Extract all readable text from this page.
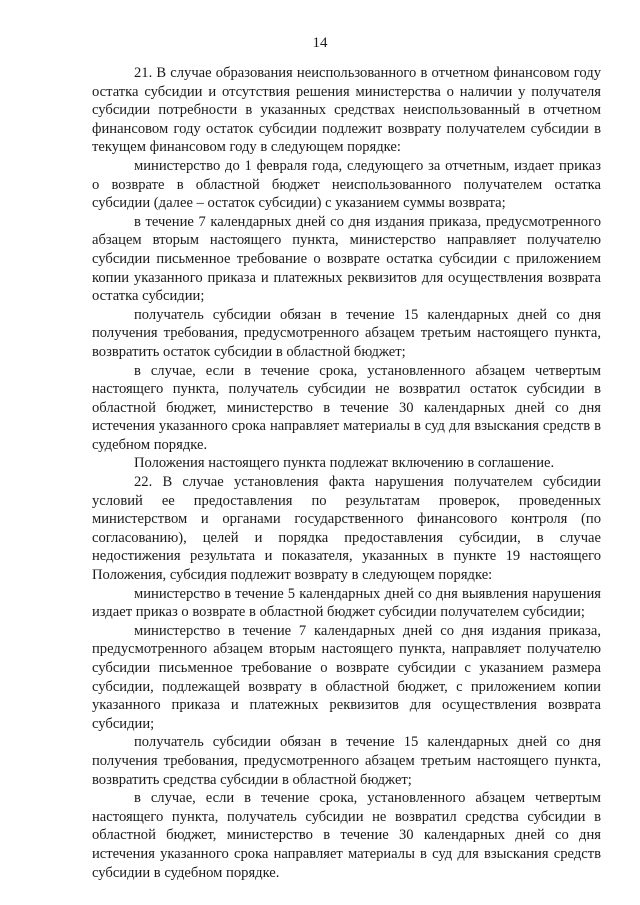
14

21. В случае образования неиспользованного в отчетном финансовом году остатка субсидии и отсутствия решения министерства о наличии у получателя субсидии потребности в указанных средствах неиспользованный в отчетном финансовом году остаток субсидии подлежит возврату получателем субсидии в текущем финансовом году в следующем порядке:

министерство до 1 февраля года, следующего за отчетным, издает приказ о возврате в областной бюджет неиспользованного получателем остатка субсидии (далее – остаток субсидии) с указанием суммы возврата;

в течение 7 календарных дней со дня издания приказа, предусмотренного абзацем вторым настоящего пункта, министерство направляет получателю субсидии письменное требование о возврате остатка субсидии с приложением копии указанного приказа и платежных реквизитов для осуществления возврата остатка субсидии;

получатель субсидии обязан в течение 15 календарных дней со дня получения требования, предусмотренного абзацем третьим настоящего пункта, возвратить остаток субсидии в областной бюджет;

в случае, если в течение срока, установленного абзацем четвертым настоящего пункта, получатель субсидии не возвратил остаток субсидии в областной бюджет, министерство в течение 30 календарных дней со дня истечения указанного срока направляет материалы в суд для взыскания средств в судебном порядке.

Положения настоящего пункта подлежат включению в соглашение.

22. В случае установления факта нарушения получателем субсидии условий ее предоставления по результатам проверок, проведенных министерством и органами государственного финансового контроля (по согласованию), целей и порядка предоставления субсидии, в случае недостижения результата и показателя, указанных в пункте 19 настоящего Положения, субсидия подлежит возврату в следующем порядке:

министерство в течение 5 календарных дней со дня выявления нарушения издает приказ о возврате в областной бюджет субсидии получателем субсидии;

министерство в течение 7 календарных дней со дня издания приказа, предусмотренного абзацем вторым настоящего пункта, направляет получателю субсидии письменное требование о возврате субсидии с указанием размера субсидии, подлежащей возврату в областной бюджет, с приложением копии указанного приказа и платежных реквизитов для осуществления возврата субсидии;

получатель субсидии обязан в течение 15 календарных дней со дня получения требования, предусмотренного абзацем третьим настоящего пункта, возвратить средства субсидии в областной бюджет;

в случае, если в течение срока, установленного абзацем четвертым настоящего пункта, получатель субсидии не возвратил средства субсидии в областной бюджет, министерство в течение 30 календарных дней со дня истечения указанного срока направляет материалы в суд для взыскания средств субсидии в судебном порядке.
